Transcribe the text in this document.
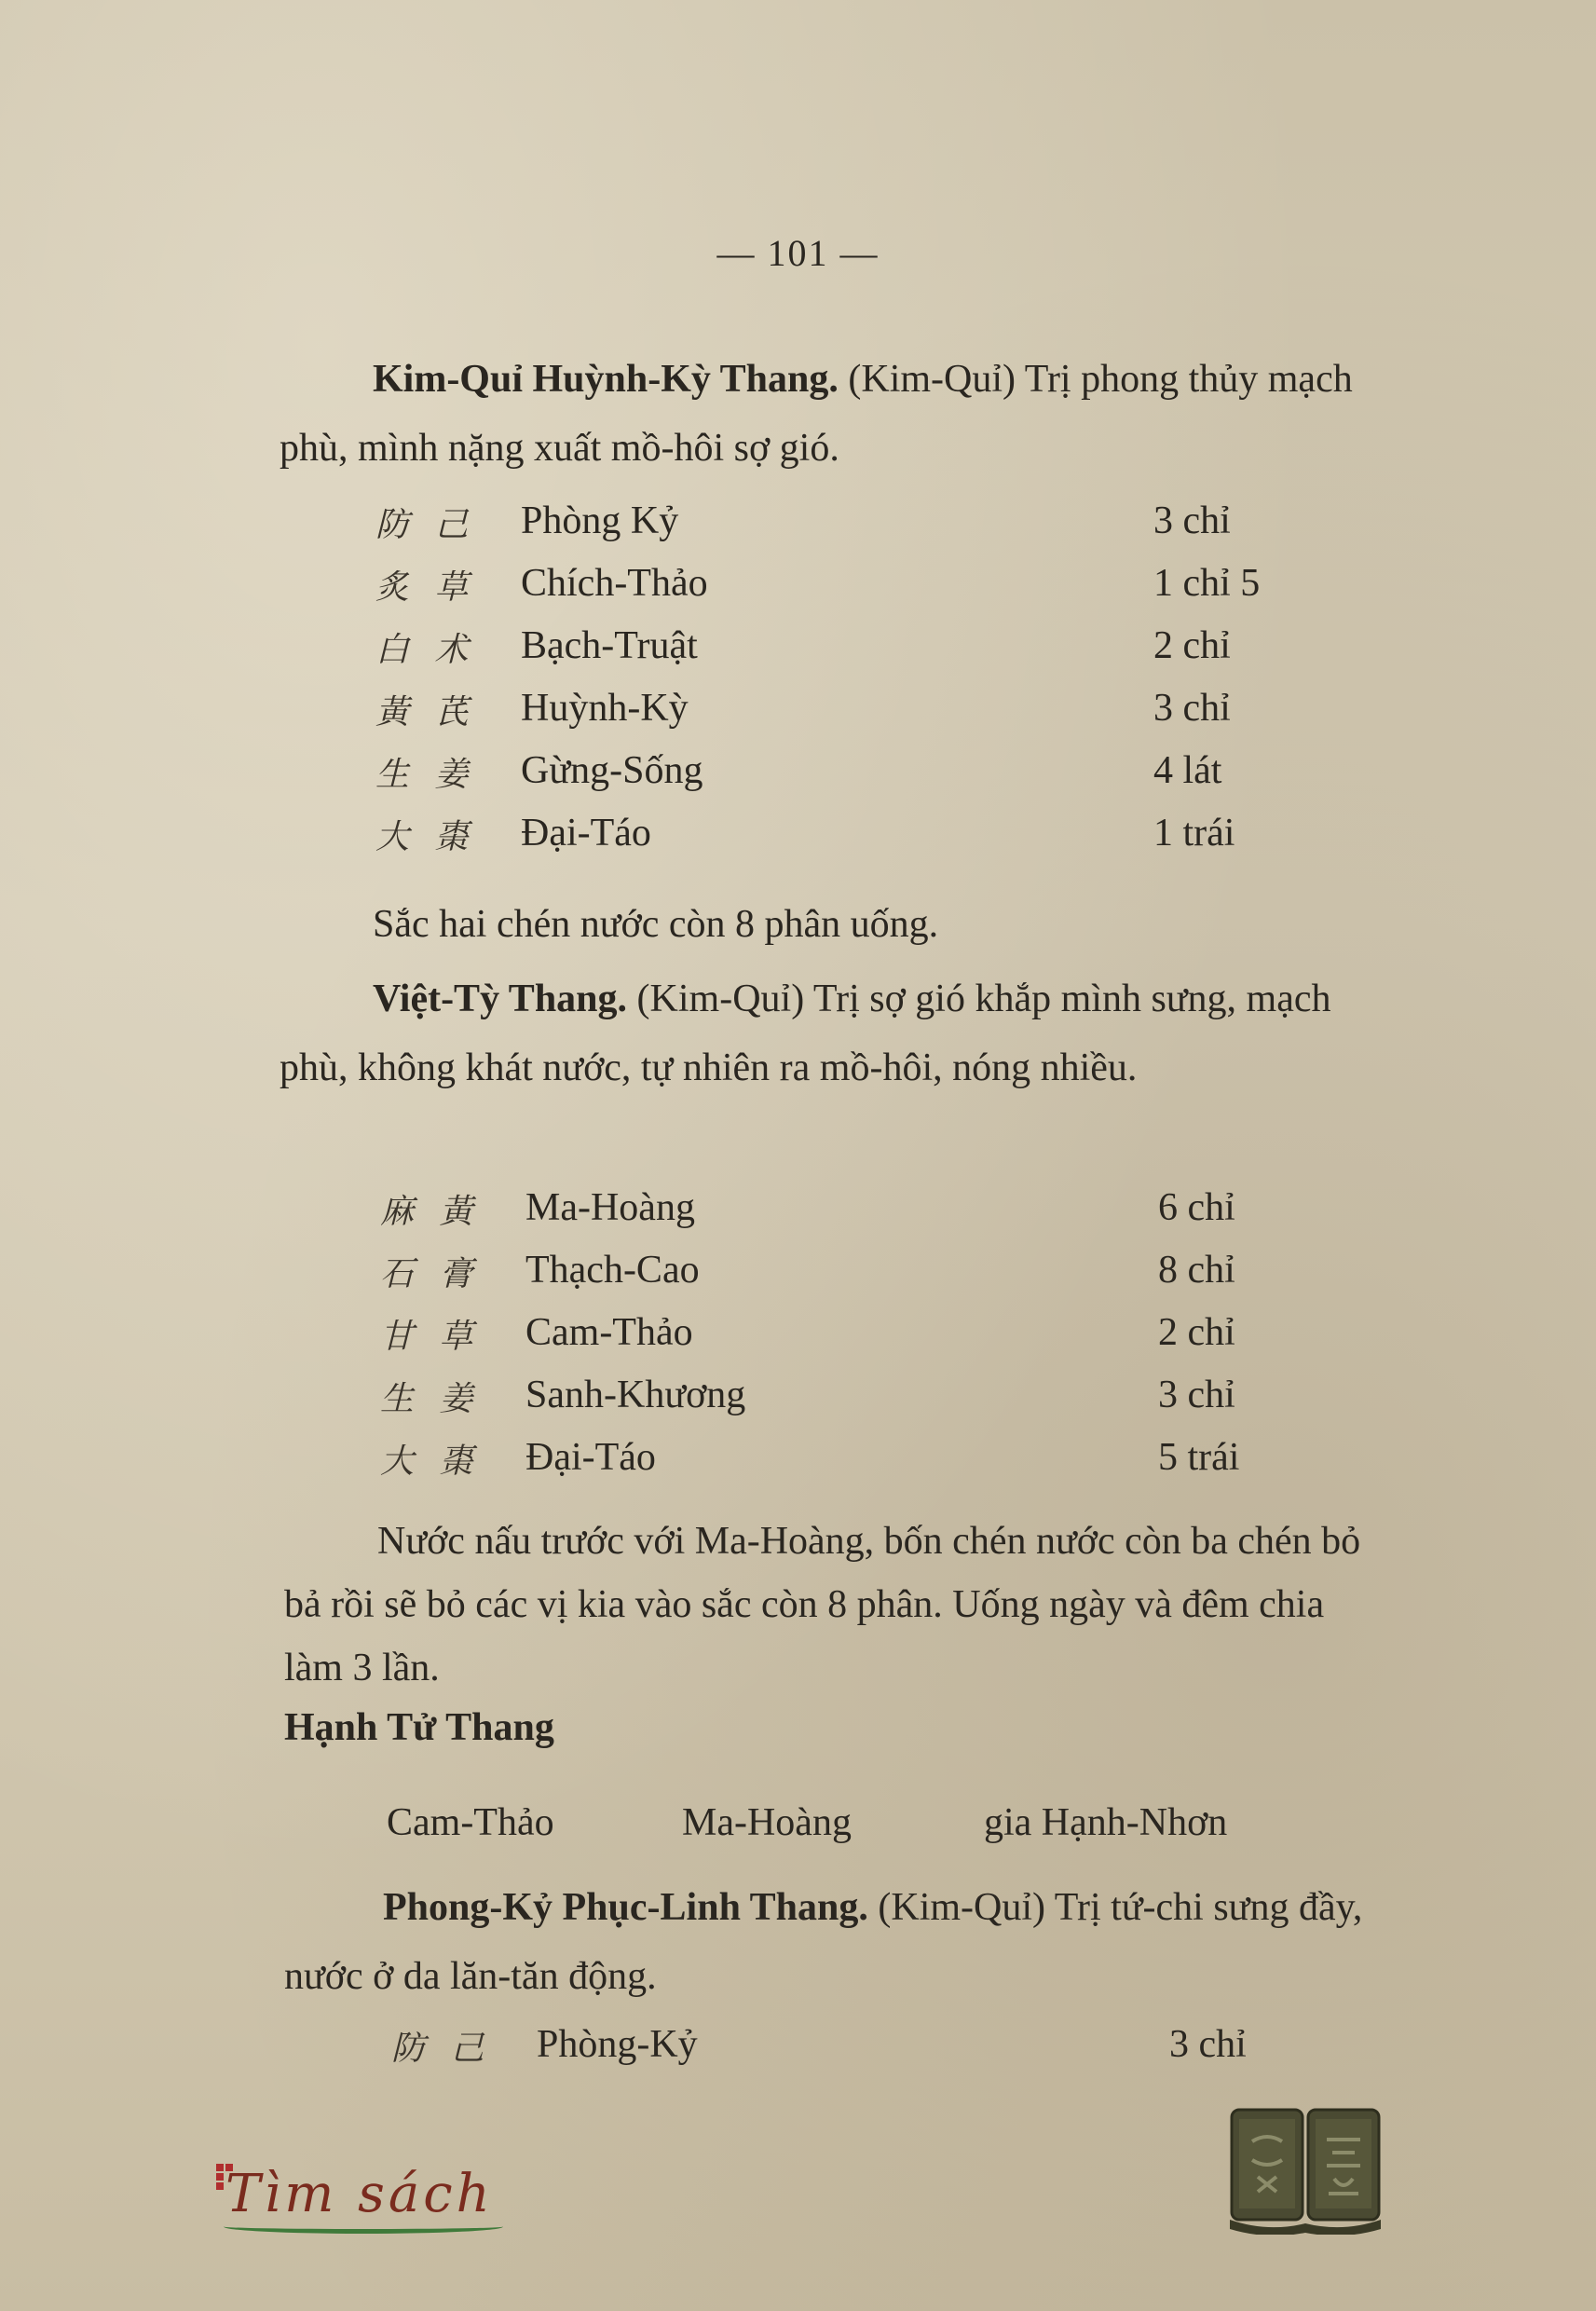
— 101 —
Kim-Quỉ Huỳnh-Kỳ Thang. (Kim-Quỉ) Trị phong thủy mạch phù, mình nặng xuất mồ-hôi sợ gió.
防 己 Phòng Kỷ	3 chỉ
炙 草 Chích-Thảo	1 chỉ 5
白 术 Bạch-Truật	2 chỉ
黃 芪 Huỳnh-Kỳ	3 chỉ
生 姜 Gừng-Sống	4 lát
大 棗 Đại-Táo	1 trái
Sắc hai chén nước còn 8 phân uống.
Việt-Tỳ Thang. (Kim-Quỉ) Trị sợ gió khắp mình sưng, mạch phù, không khát nước, tự nhiên ra mồ-hôi, nóng nhiều.
麻 黃 Ma-Hoàng	6 chỉ
石 膏 Thạch-Cao	8 chỉ
甘 草 Cam-Thảo	2 chỉ
生 姜 Sanh-Khương	3 chỉ
大 棗 Đại-Táo	5 trái
Nước nấu trước với Ma-Hoàng, bốn chén nước còn ba chén bỏ bả rồi sẽ bỏ các vị kia vào sắc còn 8 phân. Uống ngày và đêm chia làm 3 lần.
Hạnh Tử Thang
Cam-Thảo	Ma-Hoàng	gia Hạnh-Nhơn
Phong-Kỷ Phục-Linh Thang. (Kim-Quỉ) Trị tứ-chi sưng đầy, nước ở da lăn-tăn động.
防 己 Phòng-Kỷ	3 chỉ
Tìm sách
